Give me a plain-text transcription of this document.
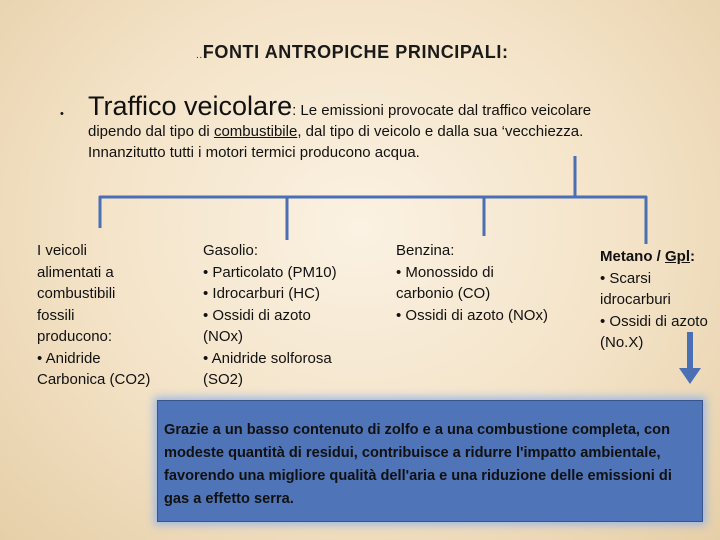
..FONTI ANTROPICHE PRINCIPALI:
• Traffico veicolare: Le emissioni provocate dal traffico veicolare dipendo dal tipo di combustibile, dal tipo di veicolo e dalla sua ‘vecchiezza. Innanzitutto tutti i motori termici producono acqua.
I veicoli
alimentati a
combustibili
fossili
producono:
• Anidride
Carbonica (CO2)
Gasolio:
• Particolato (PM10)
• Idrocarburi (HC)
• Ossidi di azoto
(NOx)
• Anidride solforosa
(SO2)
Benzina:
• Monossido di
carbonio (CO)
• Ossidi di azoto (NOx)
Metano / Gpl:
• Scarsi
idrocarburi
• Ossidi di azoto
(No.X)
Grazie a un basso contenuto di zolfo e a una combustione completa, con modeste quantità di residui, contribuisce a ridurre l'impatto ambientale, favorendo una migliore qualità dell'aria e una riduzione delle emissioni di gas a effetto serra.
